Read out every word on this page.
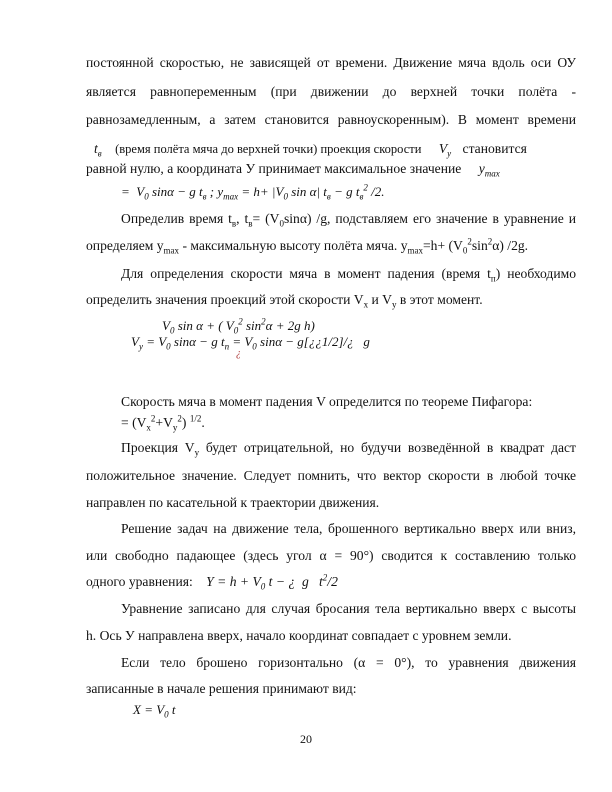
постоянной скоростью, не зависящей от времени. Движение мяча вдоль оси ОУ
является равнопеременным (при движении до верхней точки полёта -
равнозамедленным, а затем становится равноускоренным). В момент времени
$t_в$ (время полёта мяча до верхней точки) проекция скорости $V_y$ становится
равной нулю, а координата У принимает максимальное значение $y_{max}$
=  $V_0$ sinα − g $t_в$ ; $y_{max} = h+ |V_0$ sin α| $t_в - g$ $t_в^2$ /2.
Определив время $t_в$, $t_в= (V_0\sin\alpha)$ /g, подставляем его значение в уравнение и
определяем $y_{max}$ - максимальную высоту полёта мяча. $y_{max}=h+ (V_0^2\sin^2\alpha)$ /2g.
Для определения скорости мяча в момент падения (время $t_п$) необходимо
определить значения проекций этой скорости $V_x$ и $V_y$ в этот момент.
$V_0$ sin α + ( $V_0^2$ $\sin^2\alpha + 2g$ h)
$V_y = V_0$ sinα − g $t_п = V_0$ sinα − g[¿¿1/2]/¿   g
¿
Скорость мяча в момент падения V определится по теореме Пифагора:
= $(V_x^2+V_y^2)$ $^{1/2}$.
Проекция $V_y$ будет отрицательной, но будучи возведённой в квадрат даст
положительное значение. Следует помнить, что вектор скорости в любой точке
направлен по касательной к траектории движения.
Решение задач на движение тела, брошенного вертикально вверх или вниз,
или свободно падающее (здесь угол α = 90°) сводится к составлению только
одного уравнения: $Y = h + V_0$ t − ¿  g   $t^2/2$
Уравнение записано для случая бросания тела вертикально вверх с высоты
h. Ось У направлена вверх, начало координат совпадает с уровнем земли.
Если тело брошено горизонтально (α = 0°), то уравнения движения
записанные в начале решения принимают вид:
$X = V_0$ t
20
